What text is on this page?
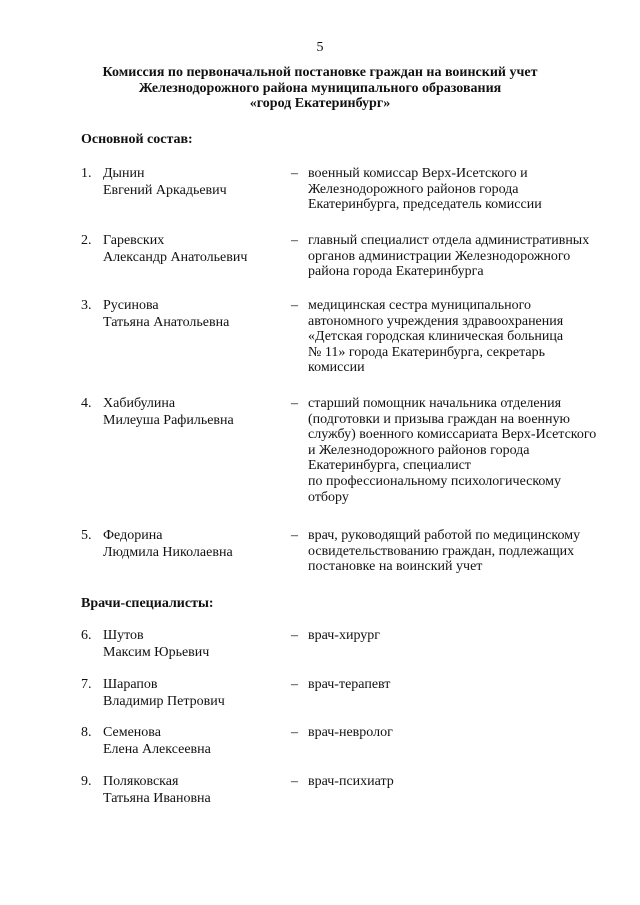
5
Комиссия по первоначальной постановке граждан на воинский учет
Железнодорожного района муниципального образования
«город Екатеринбург»
Основной состав:
1. Дынин
Евгений Аркадьевич
– военный комиссар Верх-Исетского и
Железнодорожного районов города
Екатеринбурга, председатель комиссии
2. Гаревских
Александр Анатольевич
– главный специалист отдела административных
органов администрации Железнодорожного
района города Екатеринбурга
3. Русинова
Татьяна Анатольевна
– медицинская сестра муниципального
автономного учреждения здравоохранения
«Детская городская клиническая больница
№ 11» города Екатеринбурга, секретарь
комиссии
4. Хабибулина
Милеуша Рафильевна
– старший помощник начальника отделения
(подготовки и призыва граждан на военную
службу) военного комиссариата Верх-Исетского
и Железнодорожного районов города
Екатеринбурга, специалист
по профессиональному психологическому
отбору
5. Федорина
Людмила Николаевна
– врач, руководящий работой по медицинскому
освидетельствованию граждан, подлежащих
постановке на воинский учет
Врачи-специалисты:
6. Шутов
Максим Юрьевич
– врач-хирург
7. Шарапов
Владимир Петрович
– врач-терапевт
8. Семенова
Елена Алексеевна
– врач-невролог
9. Поляковская
Татьяна Ивановна
– врач-психиатр
